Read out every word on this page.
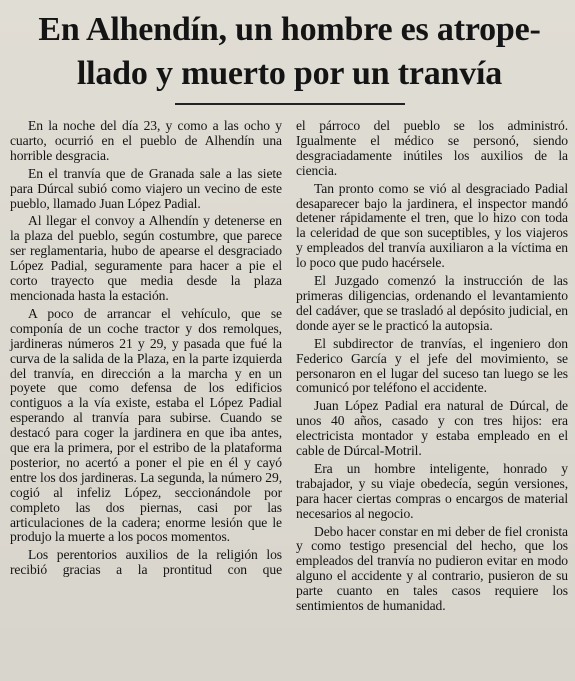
En Alhendín, un hombre es atrope-
llado y muerto por un tranvía

En la noche del día 23, y como a las ocho y cuarto, ocurrió en el pueblo de Alhendín una horrible desgracia.

En el tranvía que de Granada sale a las siete para Dúrcal subió como viajero un vecino de este pueblo, llamado Juan López Padial.

Al llegar el convoy a Alhendín y detenerse en la plaza del pueblo, según costumbre, que parece ser reglamentaria, hubo de apearse el desgraciado López Padial, seguramente para hacer a pie el corto trayecto que media desde la plaza mencionada hasta la estación.

A poco de arrancar el vehículo, que se componía de un coche tractor y dos remolques, jardineras números 21 y 29, y pasada que fué la curva de la salida de la Plaza, en la parte izquierda del tranvía, en dirección a la marcha y en un poyete que como defensa de los edificios contiguos a la vía existe, estaba el López Padial esperando al tranvía para subirse. Cuando se destacó para coger la jardinera en que iba antes, que era la primera, por el estribo de la plataforma posterior, no acertó a poner el pie en él y cayó entre los dos jardineras. La segunda, la número 29, cogió al infeliz López, seccionándole por completo las dos piernas, casi por las articulaciones de la cadera; enorme lesión que le produjo la muerte a los pocos momentos.

Los perentorios auxilios de la religión los recibió gracias a la prontitud con que

el párroco del pueblo se los administró. Igualmente el médico se personó, siendo desgraciadamente inútiles los auxilios de la ciencia.

Tan pronto como se vió al desgraciado Padial desaparecer bajo la jardinera, el inspector mandó detener rápidamente el tren, que lo hizo con toda la celeridad de que son suceptibles, y los viajeros y empleados del tranvía auxiliaron a la víctima en lo poco que pudo hacérsele.

El Juzgado comenzó la instrucción de las primeras diligencias, ordenando el levantamiento del cadáver, que se trasladó al depósito judicial, en donde ayer se le practicó la autopsia.

El subdirector de tranvías, el ingeniero don Federico García y el jefe del movimiento, se personaron en el lugar del suceso tan luego se les comunicó por teléfono el accidente.

Juan López Padial era natural de Dúrcal, de unos 40 años, casado y con tres hijos: era electricista montador y estaba empleado en el cable de Dúrcal-Motril.

Era un hombre inteligente, honrado y trabajador, y su viaje obedecía, según versiones, para hacer ciertas compras o encargos de material necesarios al negocio.

Debo hacer constar en mi deber de fiel cronista y como testigo presencial del hecho, que los empleados del tranvía no pudieron evitar en modo alguno el accidente y al contrario, pusieron de su parte cuanto en tales casos requiere los sentimientos de humanidad.
